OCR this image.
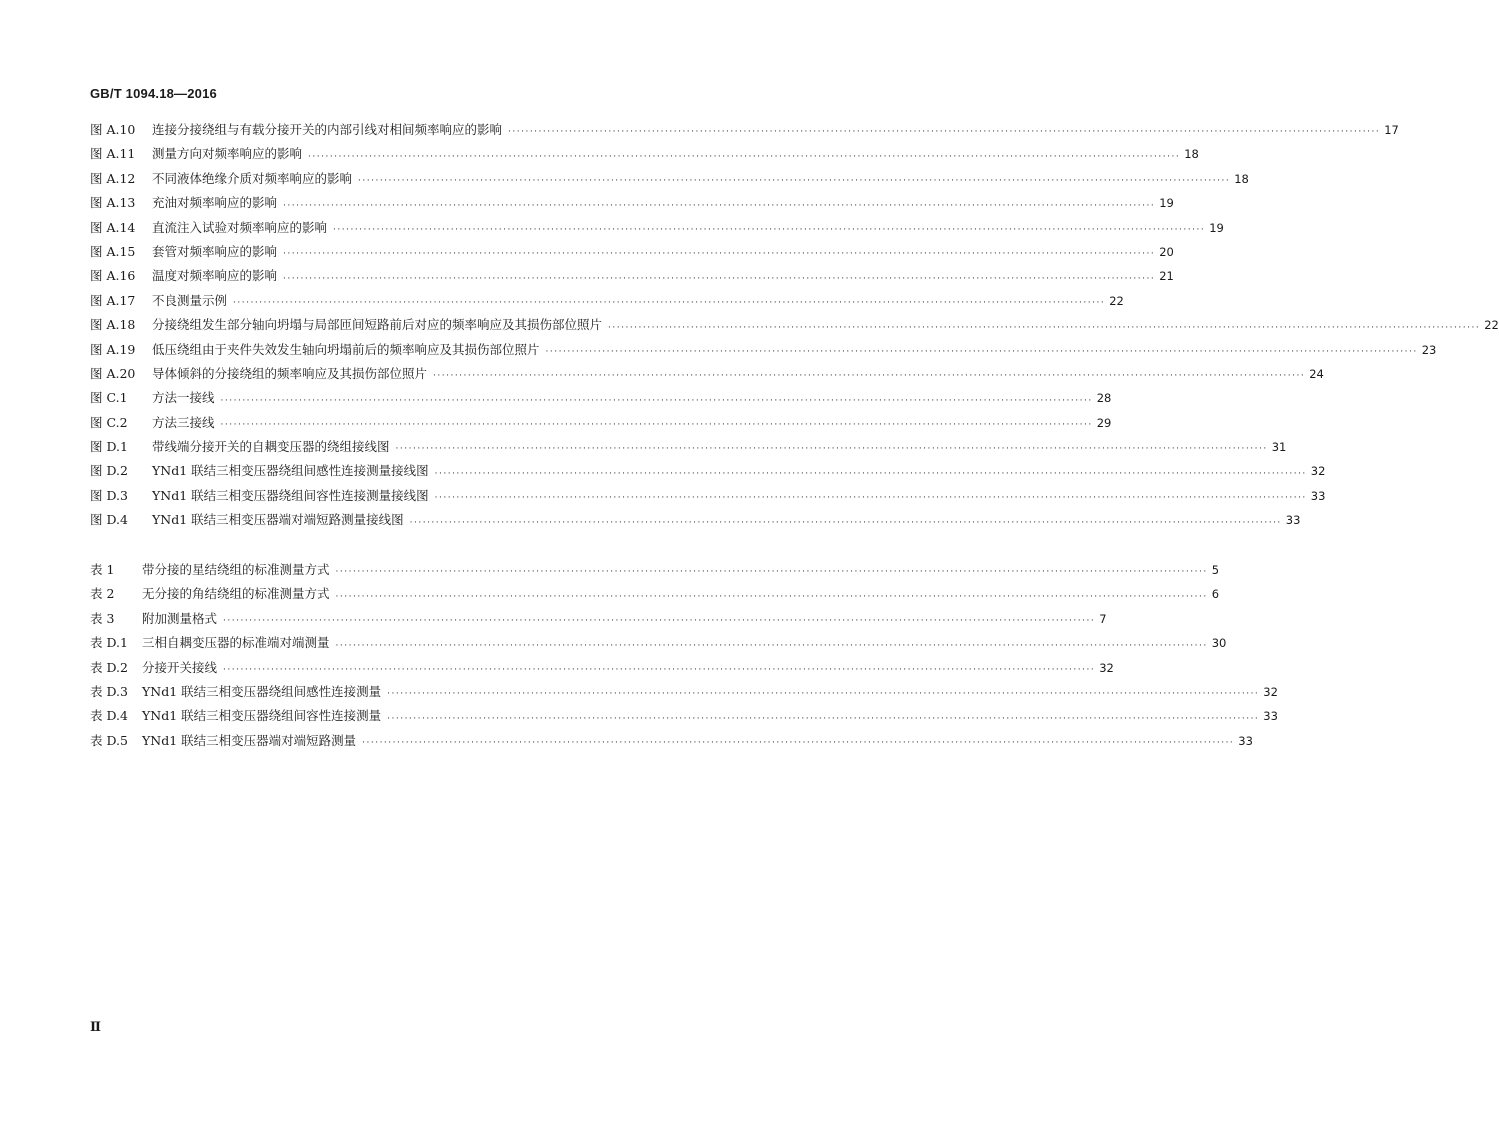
GB/T 1094.18—2016
图 A.10	连接分接绕组与有载分接开关的内部引线对相间频率响应的影响 ········································································································································································································ 17
图 A.11	测量方向对频率响应的影响 ········································································································································································································ 18
图 A.12	不同液体绝缘介质对频率响应的影响 ········································································································································································································ 18
图 A.13	充油对频率响应的影响 ········································································································································································································ 19
图 A.14	直流注入试验对频率响应的影响 ········································································································································································································ 19
图 A.15	套管对频率响应的影响 ········································································································································································································ 20
图 A.16	温度对频率响应的影响 ········································································································································································································ 21
图 A.17	不良测量示例 ········································································································································································································ 22
图 A.18	分接绕组发生部分轴向坍塌与局部匝间短路前后对应的频率响应及其损伤部位照片 ········································································································································································································ 22
图 A.19	低压绕组由于夹件失效发生轴向坍塌前后的频率响应及其损伤部位照片 ········································································································································································································ 23
图 A.20	导体倾斜的分接绕组的频率响应及其损伤部位照片 ········································································································································································································ 24
图 C.1	方法一接线 ········································································································································································································ 28
图 C.2	方法三接线 ········································································································································································································ 29
图 D.1	带线端分接开关的自耦变压器的绕组接线图 ········································································································································································································ 31
图 D.2	YNd1 联结三相变压器绕组间感性连接测量接线图 ········································································································································································································ 32
图 D.3	YNd1 联结三相变压器绕组间容性连接测量接线图 ········································································································································································································ 33
图 D.4	YNd1 联结三相变压器端对端短路测量接线图 ········································································································································································································ 33
表 1	带分接的星结绕组的标准测量方式 ········································································································································································································ 5
表 2	无分接的角结绕组的标准测量方式 ········································································································································································································ 6
表 3	附加测量格式 ········································································································································································································ 7
表 D.1	三相自耦变压器的标准端对端测量 ········································································································································································································ 30
表 D.2	分接开关接线 ········································································································································································································ 32
表 D.3	YNd1 联结三相变压器绕组间感性连接测量 ········································································································································································································ 32
表 D.4	YNd1 联结三相变压器绕组间容性连接测量 ········································································································································································································ 33
表 D.5	YNd1 联结三相变压器端对端短路测量 ········································································································································································································ 33
Ⅱ
